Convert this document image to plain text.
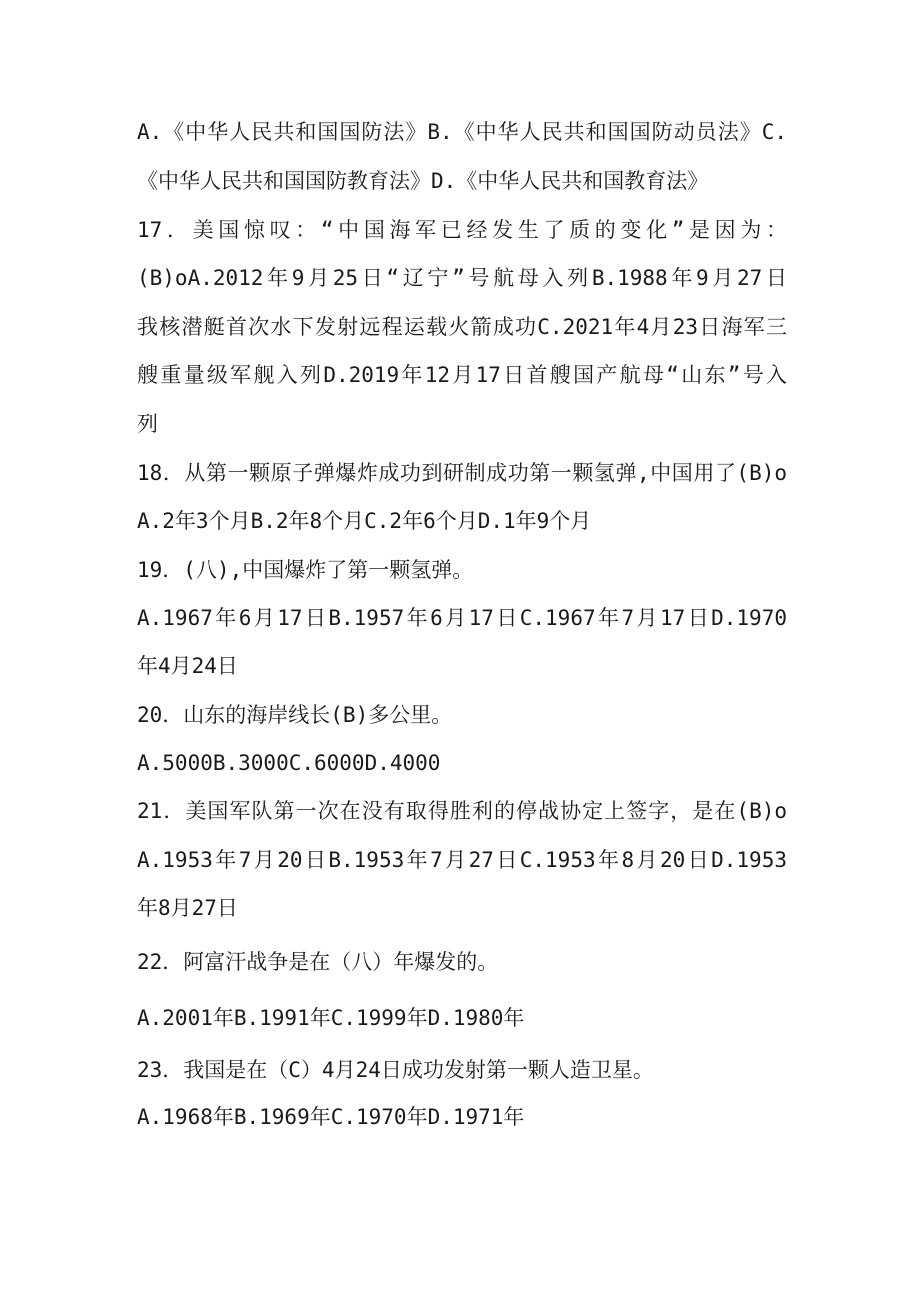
A.《中华人民共和国国防法》B.《中华人民共和国国防动员法》C.
《中华人民共和国国防教育法》D.《中华人民共和国教育法》
17．美国惊叹：“中国海军已经发生了质的变化”是因为：
(B)oA.2012年9月25日“辽宁”号航母入列B.1988年9月27日
我核潜艇首次水下发射远程运载火箭成功C.2021年4月23日海军三
艘重量级军舰入列D.2019年12月17日首艘国产航母“山东”号入
列
18．从第一颗原子弹爆炸成功到研制成功第一颗氢弹,中国用了(B)o
A.2年3个月B.2年8个月C.2年6个月D.1年9个月
19．(八),中国爆炸了第一颗氢弹。
A.1967年6月17日B.1957年6月17日C.1967年7月17日D.1970
年4月24日
20．山东的海岸线长(B)多公里。
A.5000B.3000C.6000D.4000
21．美国军队第一次在没有取得胜利的停战协定上签字，是在(B)o
A.1953年7月20日B.1953年7月27日C.1953年8月20日D.1953
年8月27日
22．阿富汗战争是在（八）年爆发的。
A.2001年B.1991年C.1999年D.1980年
23．我国是在（C）4月24日成功发射第一颗人造卫星。
A.1968年B.1969年C.1970年D.1971年
